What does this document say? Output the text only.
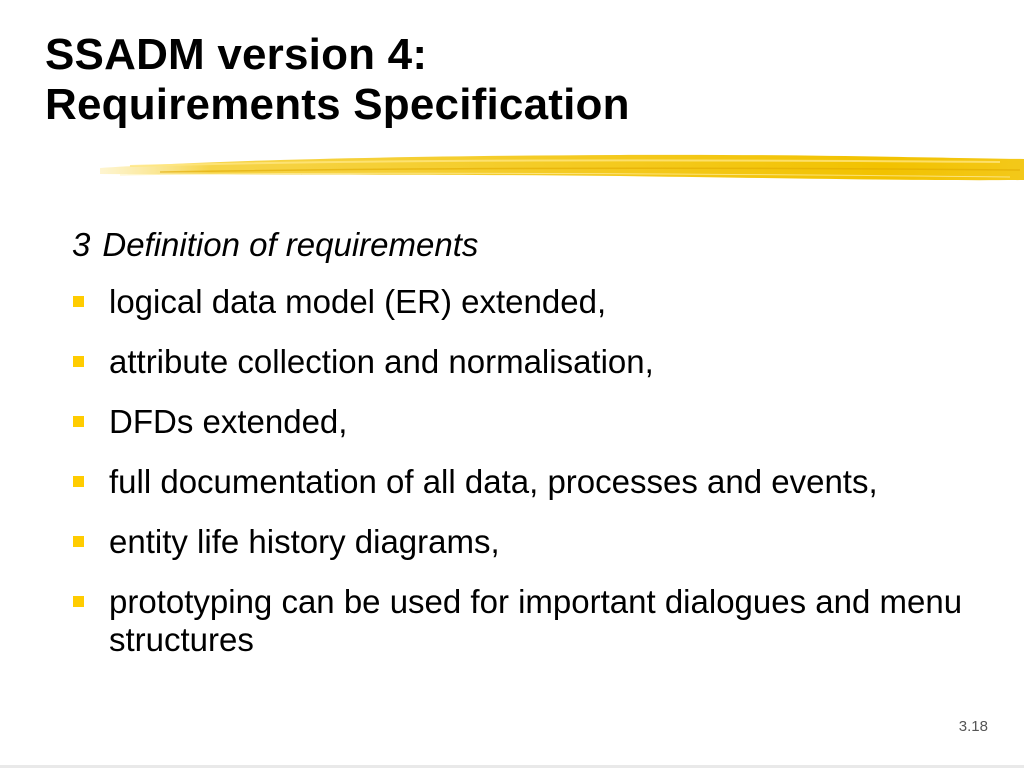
SSADM version 4:
Requirements Specification
3 Definition of requirements
logical data model (ER) extended,
attribute collection and normalisation,
DFDs extended,
full documentation of all data, processes and events,
entity life history diagrams,
prototyping can be used for important dialogues and menu structures
3.18
